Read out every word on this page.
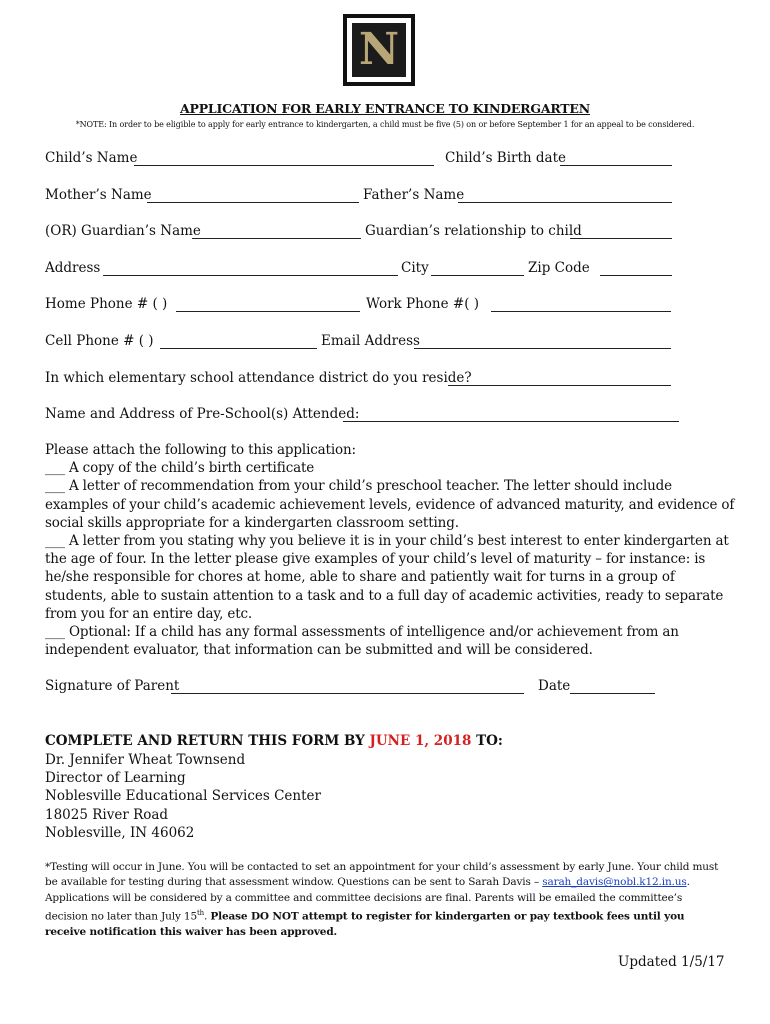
N
APPLICATION FOR EARLY ENTRANCE TO KINDERGARTEN
*NOTE: In order to be eligible to apply for early entrance to kindergarten, a child must be five (5) on or before September 1 for an appeal to be considered.
Child’s Name	Child’s Birth date
Mother’s Name	Father’s Name
(OR) Guardian’s Name	Guardian’s relationship to child
Address	City	Zip Code
Home Phone # ( )	Work Phone #( )
Cell Phone # ( )	Email Address
In which elementary school attendance district do you reside?
Name and Address of Pre-School(s) Attended:

Please attach the following to this application:

___ A copy of the child’s birth certificate

___ A letter of recommendation from your child’s preschool teacher. The letter should include examples of your child’s academic achievement levels, evidence of advanced maturity, and evidence of social skills appropriate for a kindergarten classroom setting.

___ A letter from you stating why you believe it is in your child’s best interest to enter kindergarten at the age of four. In the letter please give examples of your child’s level of maturity – for instance: is he/she responsible for chores at home, able to share and patiently wait for turns in a group of students, able to sustain attention to a task and to a full day of academic activities, ready to separate from you for an entire day, etc.

___ Optional: If a child has any formal assessments of intelligence and/or achievement from an independent evaluator, that information can be submitted and will be considered.

Signature of Parent	Date
COMPLETE AND RETURN THIS FORM BY JUNE 1, 2018 TO:
Dr. Jennifer Wheat Townsend
Director of Learning
Noblesville Educational Services Center
18025 River Road
Noblesville, IN 46062
*Testing will occur in June. You will be contacted to set an appointment for your child’s assessment by early June. Your child must be available for testing during that assessment window. Questions can be sent to Sarah Davis – sarah_davis@nobl.k12.in.us. Applications will be considered by a committee and committee decisions are final. Parents will be emailed the committee’s decision no later than July 15th. Please DO NOT attempt to register for kindergarten or pay textbook fees until you receive notification this waiver has been approved.
Updated 1/5/17
